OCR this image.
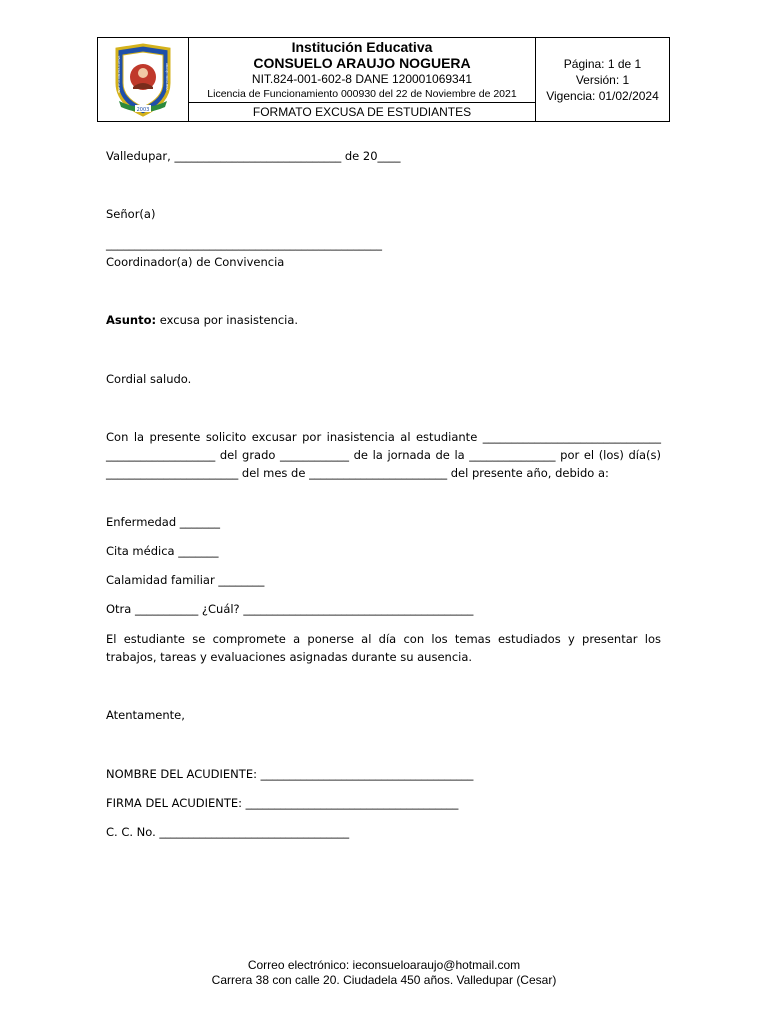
2003
INSTITUCIÓN EDUCATIVA	ARAUJO NOGUERA

Institución Educativa
CONSUELO ARAUJO NOGUERA
NIT.824-001-602-8 DANE 120001069341
Licencia de Funcionamiento 000930 del 22 de Noviembre de 2021

Página: 1 de 1
Versión: 1
Vigencia: 01/02/2024

FORMATO EXCUSA DE ESTUDIANTES
Valledupar, _____________________________ de 20____
Señor(a)
________________________________________________
Coordinador(a) de Convivencia
Asunto: excusa por inasistencia.
Cordial saludo.
Con la presente solicito excusar por inasistencia al estudiante _______________________________ ___________________ del grado ____________ de la jornada de la _______________ por el (los) día(s) _______________________ del mes de ________________________ del presente año, debido a:
Enfermedad _______
Cita médica _______
Calamidad familiar ________
Otra ___________ ¿Cuál? ________________________________________
El estudiante se compromete a ponerse al día con los temas estudiados y presentar los trabajos, tareas y evaluaciones asignadas durante su ausencia.
Atentamente,
NOMBRE DEL ACUDIENTE: _____________________________________
FIRMA DEL ACUDIENTE: _____________________________________
C. C. No. _________________________________
Correo electrónico: ieconsueloaraujo@hotmail.com
Carrera 38 con calle 20. Ciudadela 450 años. Valledupar (Cesar)
